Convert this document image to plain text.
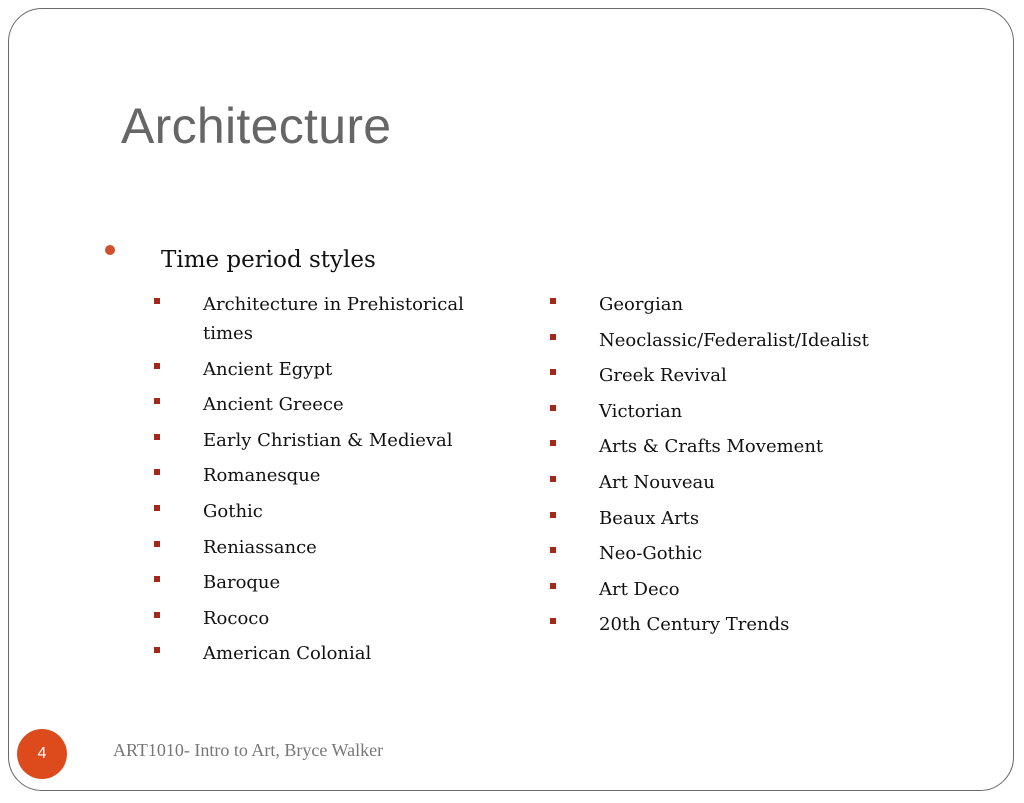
Architecture
Time period styles
Architecture in Prehistorical times
Ancient Egypt
Ancient Greece
Early Christian & Medieval
Romanesque
Gothic
Reniassance
Baroque
Rococo
American Colonial
Georgian
Neoclassic/Federalist/Idealist
Greek Revival
Victorian
Arts & Crafts Movement
Art Nouveau
Beaux Arts
Neo-Gothic
Art Deco
20th Century Trends
4	ART1010- Intro to Art, Bryce Walker
